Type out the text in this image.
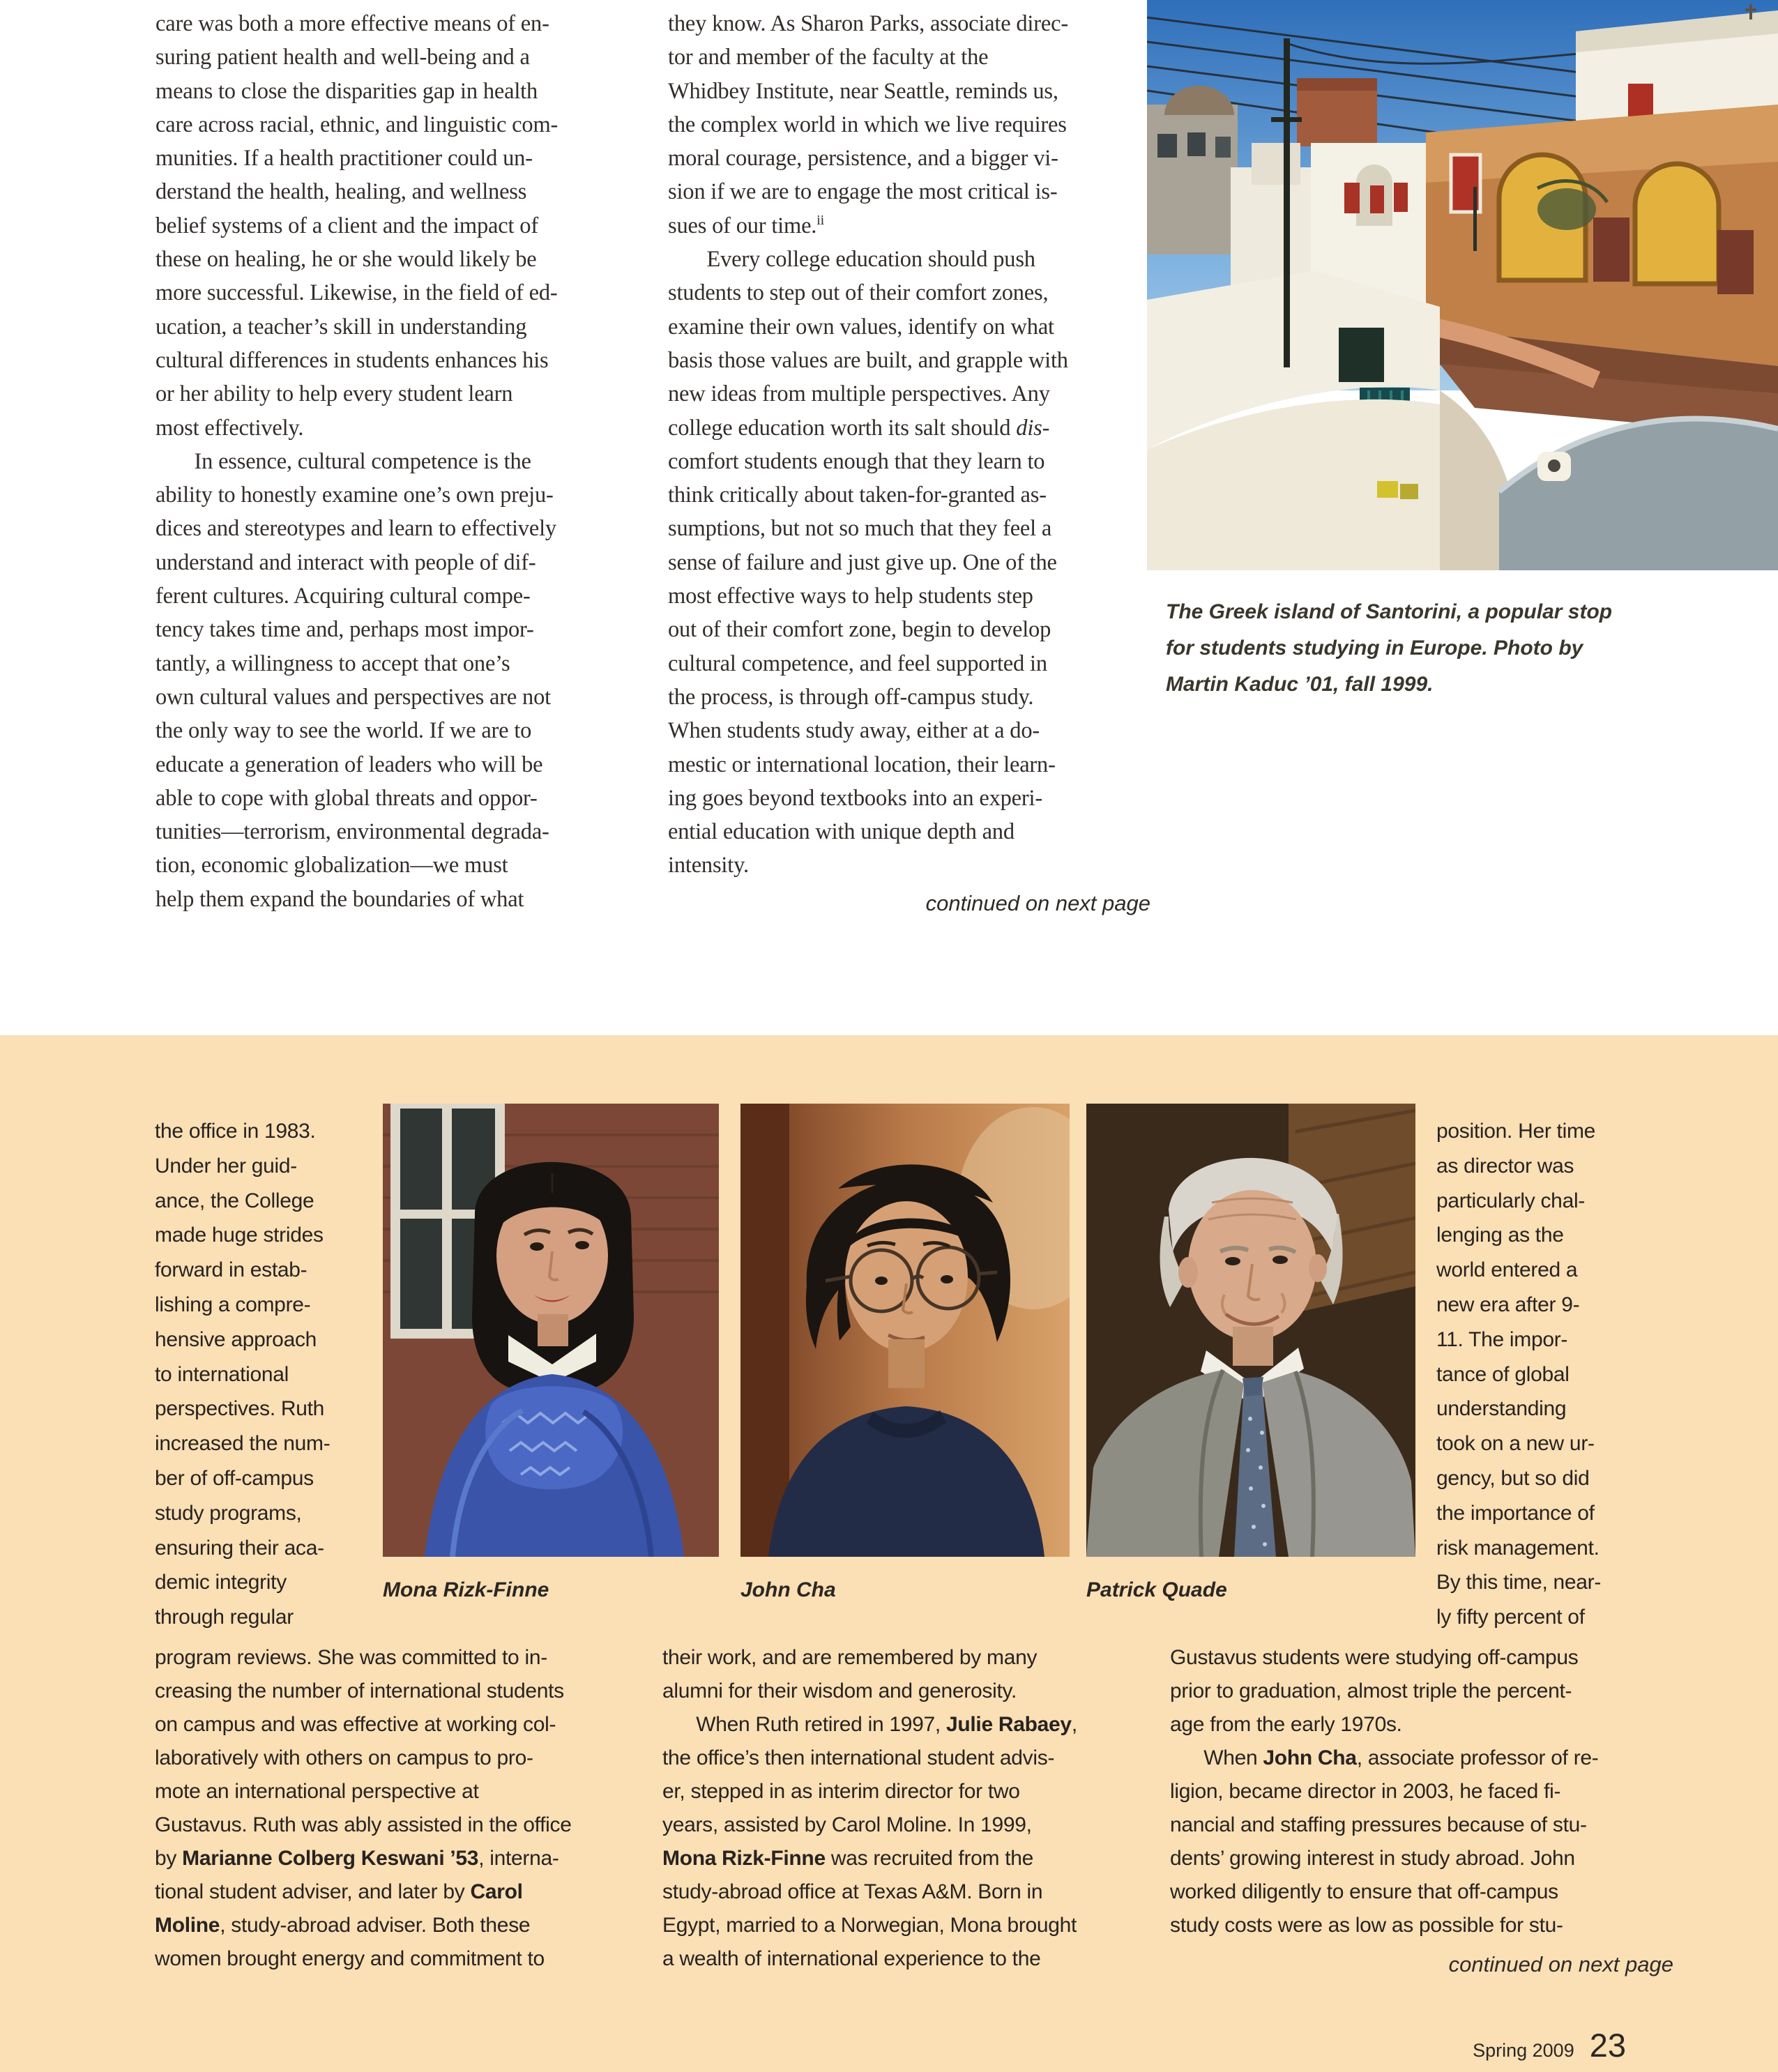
care was both a more effective means of en-
suring patient health and well-being and a
means to close the disparities gap in health
care across racial, ethnic, and linguistic com-
munities. If a health practitioner could un-
derstand the health, healing, and wellness
belief systems of a client and the impact of
these on healing, he or she would likely be
more successful. Likewise, in the field of ed-
ucation, a teacher’s skill in understanding
cultural differences in students enhances his
or her ability to help every student learn
most effectively.
In essence, cultural competence is the
ability to honestly examine one’s own preju-
dices and stereotypes and learn to effectively
understand and interact with people of dif-
ferent cultures. Acquiring cultural compe-
tency takes time and, perhaps most impor-
tantly, a willingness to accept that one’s
own cultural values and perspectives are not
the only way to see the world. If we are to
educate a generation of leaders who will be
able to cope with global threats and oppor-
tunities—terrorism, environmental degrada-
tion, economic globalization—we must
help them expand the boundaries of what
they know. As Sharon Parks, associate direc-
tor and member of the faculty at the
Whidbey Institute, near Seattle, reminds us,
the complex world in which we live requires
moral courage, persistence, and a bigger vi-
sion if we are to engage the most critical is-
sues of our time.$^{ii}$
Every college education should push
students to step out of their comfort zones,
examine their own values, identify on what
basis those values are built, and grapple with
new ideas from multiple perspectives. Any
college education worth its salt should dis-
comfort students enough that they learn to
think critically about taken-for-granted as-
sumptions, but not so much that they feel a
sense of failure and just give up. One of the
most effective ways to help students step
out of their comfort zone, begin to develop
cultural competence, and feel supported in
the process, is through off-campus study.
When students study away, either at a do-
mestic or international location, their learn-
ing goes beyond textbooks into an experi-
ential education with unique depth and
intensity.
continued on next page
The Greek island of Santorini, a popular stop
for students studying in Europe. Photo by
Martin Kaduc ’01, fall 1999.
the office in 1983.
Under her guid-
ance, the College
made huge strides
forward in estab-
lishing a compre-
hensive approach
to international
perspectives. Ruth
increased the num-
ber of off-campus
study programs,
ensuring their aca-
demic integrity
through regular
position. Her time
as director was
particularly chal-
lenging as the
world entered a
new era after 9-
11. The impor-
tance of global
understanding
took on a new ur-
gency, but so did
the importance of
risk management.
By this time, near-
ly fifty percent of
program reviews. She was committed to in-
creasing the number of international students
on campus and was effective at working col-
laboratively with others on campus to pro-
mote an international perspective at
Gustavus. Ruth was ably assisted in the office
by Marianne Colberg Keswani ’53, interna-
tional student adviser, and later by Carol
Moline, study-abroad adviser. Both these
women brought energy and commitment to
their work, and are remembered by many
alumni for their wisdom and generosity.
When Ruth retired in 1997, Julie Rabaey,
the office’s then international student advis-
er, stepped in as interim director for two
years, assisted by Carol Moline. In 1999,
Mona Rizk-Finne was recruited from the
study-abroad office at Texas A&M. Born in
Egypt, married to a Norwegian, Mona brought
a wealth of international experience to the
Gustavus students were studying off-campus
prior to graduation, almost triple the percent-
age from the early 1970s.
When John Cha, associate professor of re-
ligion, became director in 2003, he faced fi-
nancial and staffing pressures because of stu-
dents’ growing interest in study abroad. John
worked diligently to ensure that off-campus
study costs were as low as possible for stu-
continued on next page
Mona Rizk-Finne	John Cha	Patrick Quade
Spring 2009 23
